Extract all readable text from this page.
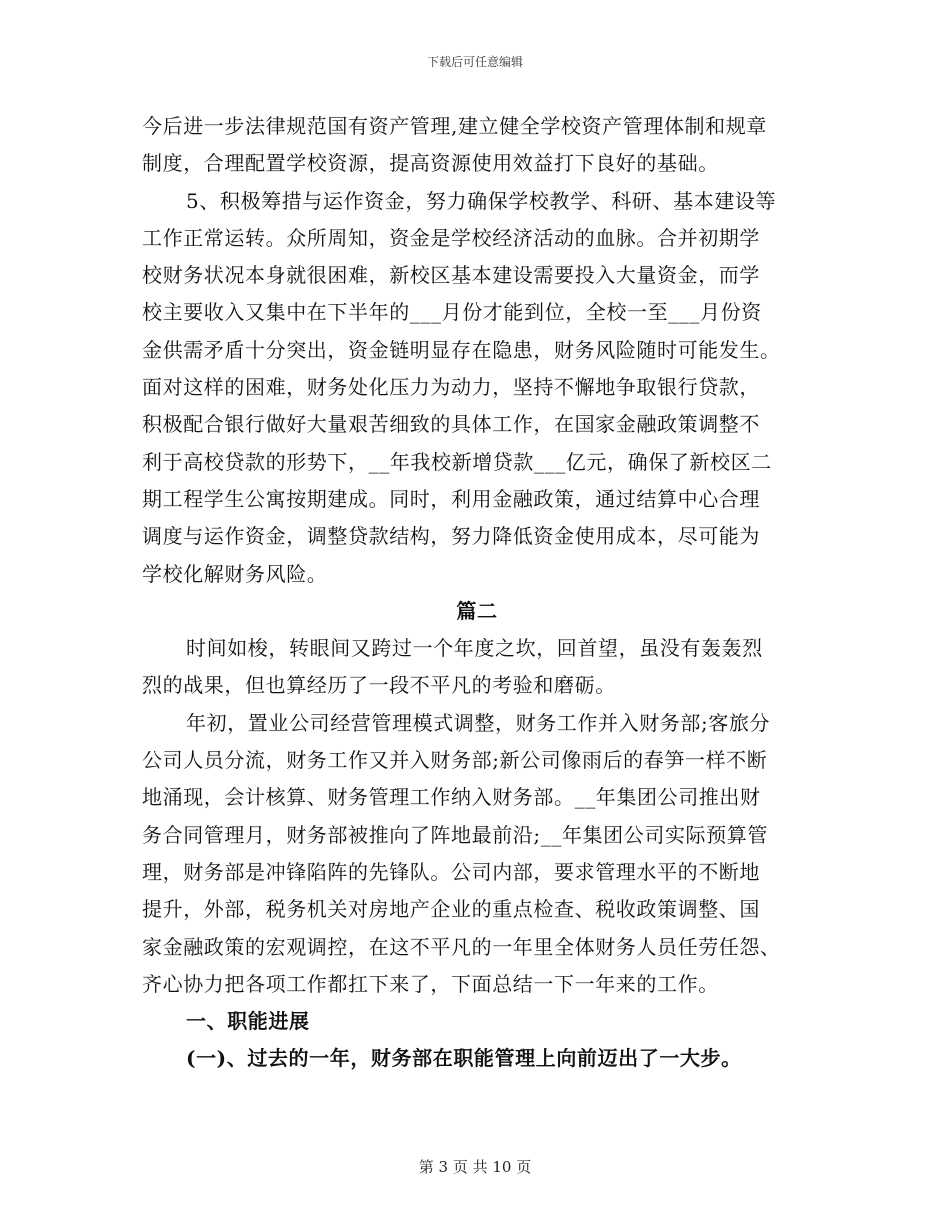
下载后可任意编辑
今后进一步法律规范国有资产管理,建立健全学校资产管理体制和规章
制度，合理配置学校资源，提高资源使用效益打下良好的基础。
5、积极筹措与运作资金，努力确保学校教学、科研、基本建设等
工作正常运转。众所周知，资金是学校经济活动的血脉。合并初期学
校财务状况本身就很困难，新校区基本建设需要投入大量资金，而学
校主要收入又集中在下半年的___月份才能到位，全校一至___月份资
金供需矛盾十分突出，资金链明显存在隐患，财务风险随时可能发生。
面对这样的困难，财务处化压力为动力，坚持不懈地争取银行贷款，
积极配合银行做好大量艰苦细致的具体工作，在国家金融政策调整不
利于高校贷款的形势下，__年我校新增贷款___亿元，确保了新校区二
期工程学生公寓按期建成。同时，利用金融政策，通过结算中心合理
调度与运作资金，调整贷款结构，努力降低资金使用成本，尽可能为
学校化解财务风险。
篇二
时间如梭，转眼间又跨过一个年度之坎，回首望，虽没有轰轰烈
烈的战果，但也算经历了一段不平凡的考验和磨砺。
年初，置业公司经营管理模式调整，财务工作并入财务部;客旅分
公司人员分流，财务工作又并入财务部;新公司像雨后的春笋一样不断
地涌现，会计核算、财务管理工作纳入财务部。__年集团公司推出财
务合同管理月，财务部被推向了阵地最前沿;__年集团公司实际预算管
理，财务部是冲锋陷阵的先锋队。公司内部，要求管理水平的不断地
提升，外部，税务机关对房地产企业的重点检查、税收政策调整、国
家金融政策的宏观调控，在这不平凡的一年里全体财务人员任劳任怨、
齐心协力把各项工作都扛下来了，下面总结一下一年来的工作。
一、职能进展
(一)、过去的一年，财务部在职能管理上向前迈出了一大步。
第 3 页 共 10 页
